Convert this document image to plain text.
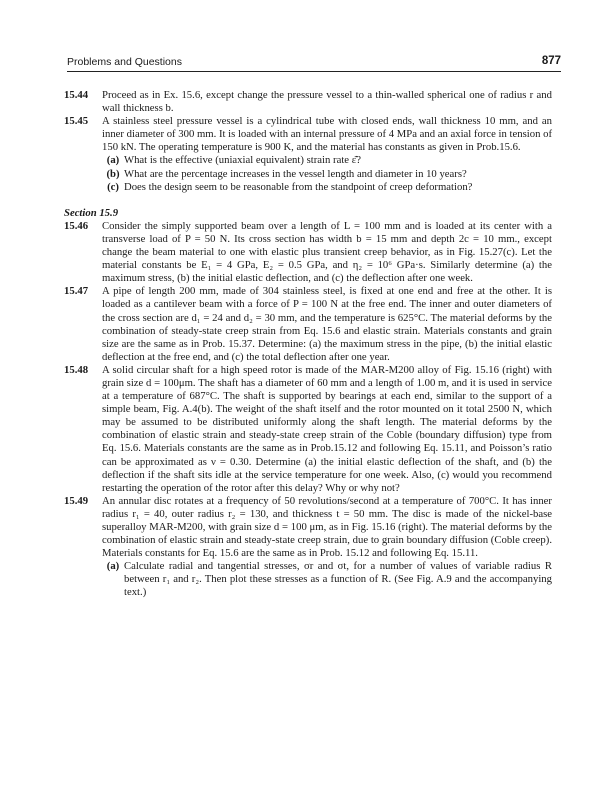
Problems and Questions	877
15.44	Proceed as in Ex. 15.6, except change the pressure vessel to a thin-walled spherical one of radius r and wall thickness b.
15.45	A stainless steel pressure vessel is a cylindrical tube with closed ends, wall thickness 10 mm, and an inner diameter of 300 mm. It is loaded with an internal pressure of 4 MPa and an axial force in tension of 150 kN. The operating temperature is 900 K, and the material has constants as given in Prob.15.6.
(a) What is the effective (uniaxial equivalent) strain rate ε̇̄?
(b) What are the percentage increases in the vessel length and diameter in 10 years?
(c) Does the design seem to be reasonable from the standpoint of creep deformation?
Section 15.9
15.46	Consider the simply supported beam over a length of L = 100 mm and is loaded at its center with a transverse load of P = 50 N. Its cross section has width b = 15 mm and depth 2c = 10 mm., except change the beam material to one with elastic plus transient creep behavior, as in Fig. 15.27(c). Let the material constants be E₁ = 4 GPa, E₂ = 0.5 GPa, and η₂ = 10⁶ GPa·s. Similarly determine (a) the maximum stress, (b) the initial elastic deflection, and (c) the deflection after one week.
15.47	A pipe of length 200 mm, made of 304 stainless steel, is fixed at one end and free at the other. It is loaded as a cantilever beam with a force of P = 100 N at the free end. The inner and outer diameters of the cross section are d₁ = 24 and d₂ = 30 mm, and the temperature is 625°C. The material deforms by the combination of steady-state creep strain from Eq. 15.6 and elastic strain. Materials constants and grain size are the same as in Prob. 15.37. Determine: (a) the maximum stress in the pipe, (b) the initial elastic deflection at the free end, and (c) the total deflection after one year.
15.48	A solid circular shaft for a high speed rotor is made of the MAR-M200 alloy of Fig. 15.16 (right) with grain size d = 100μm. The shaft has a diameter of 60 mm and a length of 1.00 m, and it is used in service at a temperature of 687°C. The shaft is supported by bearings at each end, similar to the support of a simple beam, Fig. A.4(b). The weight of the shaft itself and the rotor mounted on it total 2500 N, which may be assumed to be distributed uniformly along the shaft length. The material deforms by the combination of elastic strain and steady-state creep strain of the Coble (boundary diffusion) type from Eq. 15.6. Materials constants are the same as in Prob.15.12 and following Eq. 15.11, and Poisson’s ratio can be approximated as ν = 0.30. Determine (a) the initial elastic deflection of the shaft, and (b) the deflection if the shaft sits idle at the service temperature for one week. Also, (c) would you recommend restarting the operation of the rotor after this delay? Why or why not?
15.49	An annular disc rotates at a frequency of 50 revolutions/second at a temperature of 700°C. It has inner radius r₁ = 40, outer radius r₂ = 130, and thickness t = 50 mm. The disc is made of the nickel-base superalloy MAR-M200, with grain size d = 100 μm, as in Fig. 15.16 (right). The material deforms by the combination of elastic strain and steady-state creep strain, due to grain boundary diffusion (Coble creep). Materials constants for Eq. 15.6 are the same as in Prob. 15.12 and following Eq. 15.11.
(a) Calculate radial and tangential stresses, σr and σt, for a number of values of variable radius R between r₁ and r₂. Then plot these stresses as a function of R. (See Fig. A.9 and the accompanying text.)
